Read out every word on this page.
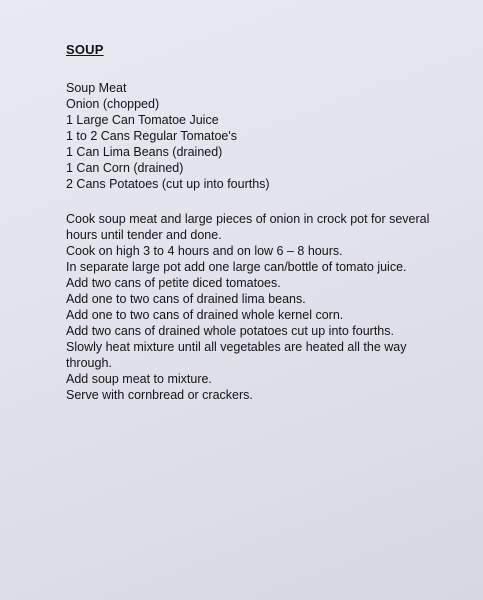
SOUP
Soup Meat
Onion (chopped)
1 Large Can Tomatoe Juice
1 to 2 Cans Regular Tomatoe's
1 Can Lima Beans (drained)
1 Can Corn (drained)
2 Cans Potatoes (cut up into fourths)

Cook soup meat and large pieces of onion in crock pot for several hours until tender and done.

Cook on high 3 to 4 hours and on low 6 – 8 hours.

In separate large pot add one large can/bottle of tomato juice.

Add two cans of petite diced tomatoes.

Add one to two cans of drained lima beans.

Add one to two cans of drained whole kernel corn.

Add two cans of drained whole potatoes cut up into fourths.

Slowly heat mixture until all vegetables are heated all the way through.

Add soup meat to mixture.

Serve with cornbread or crackers.
